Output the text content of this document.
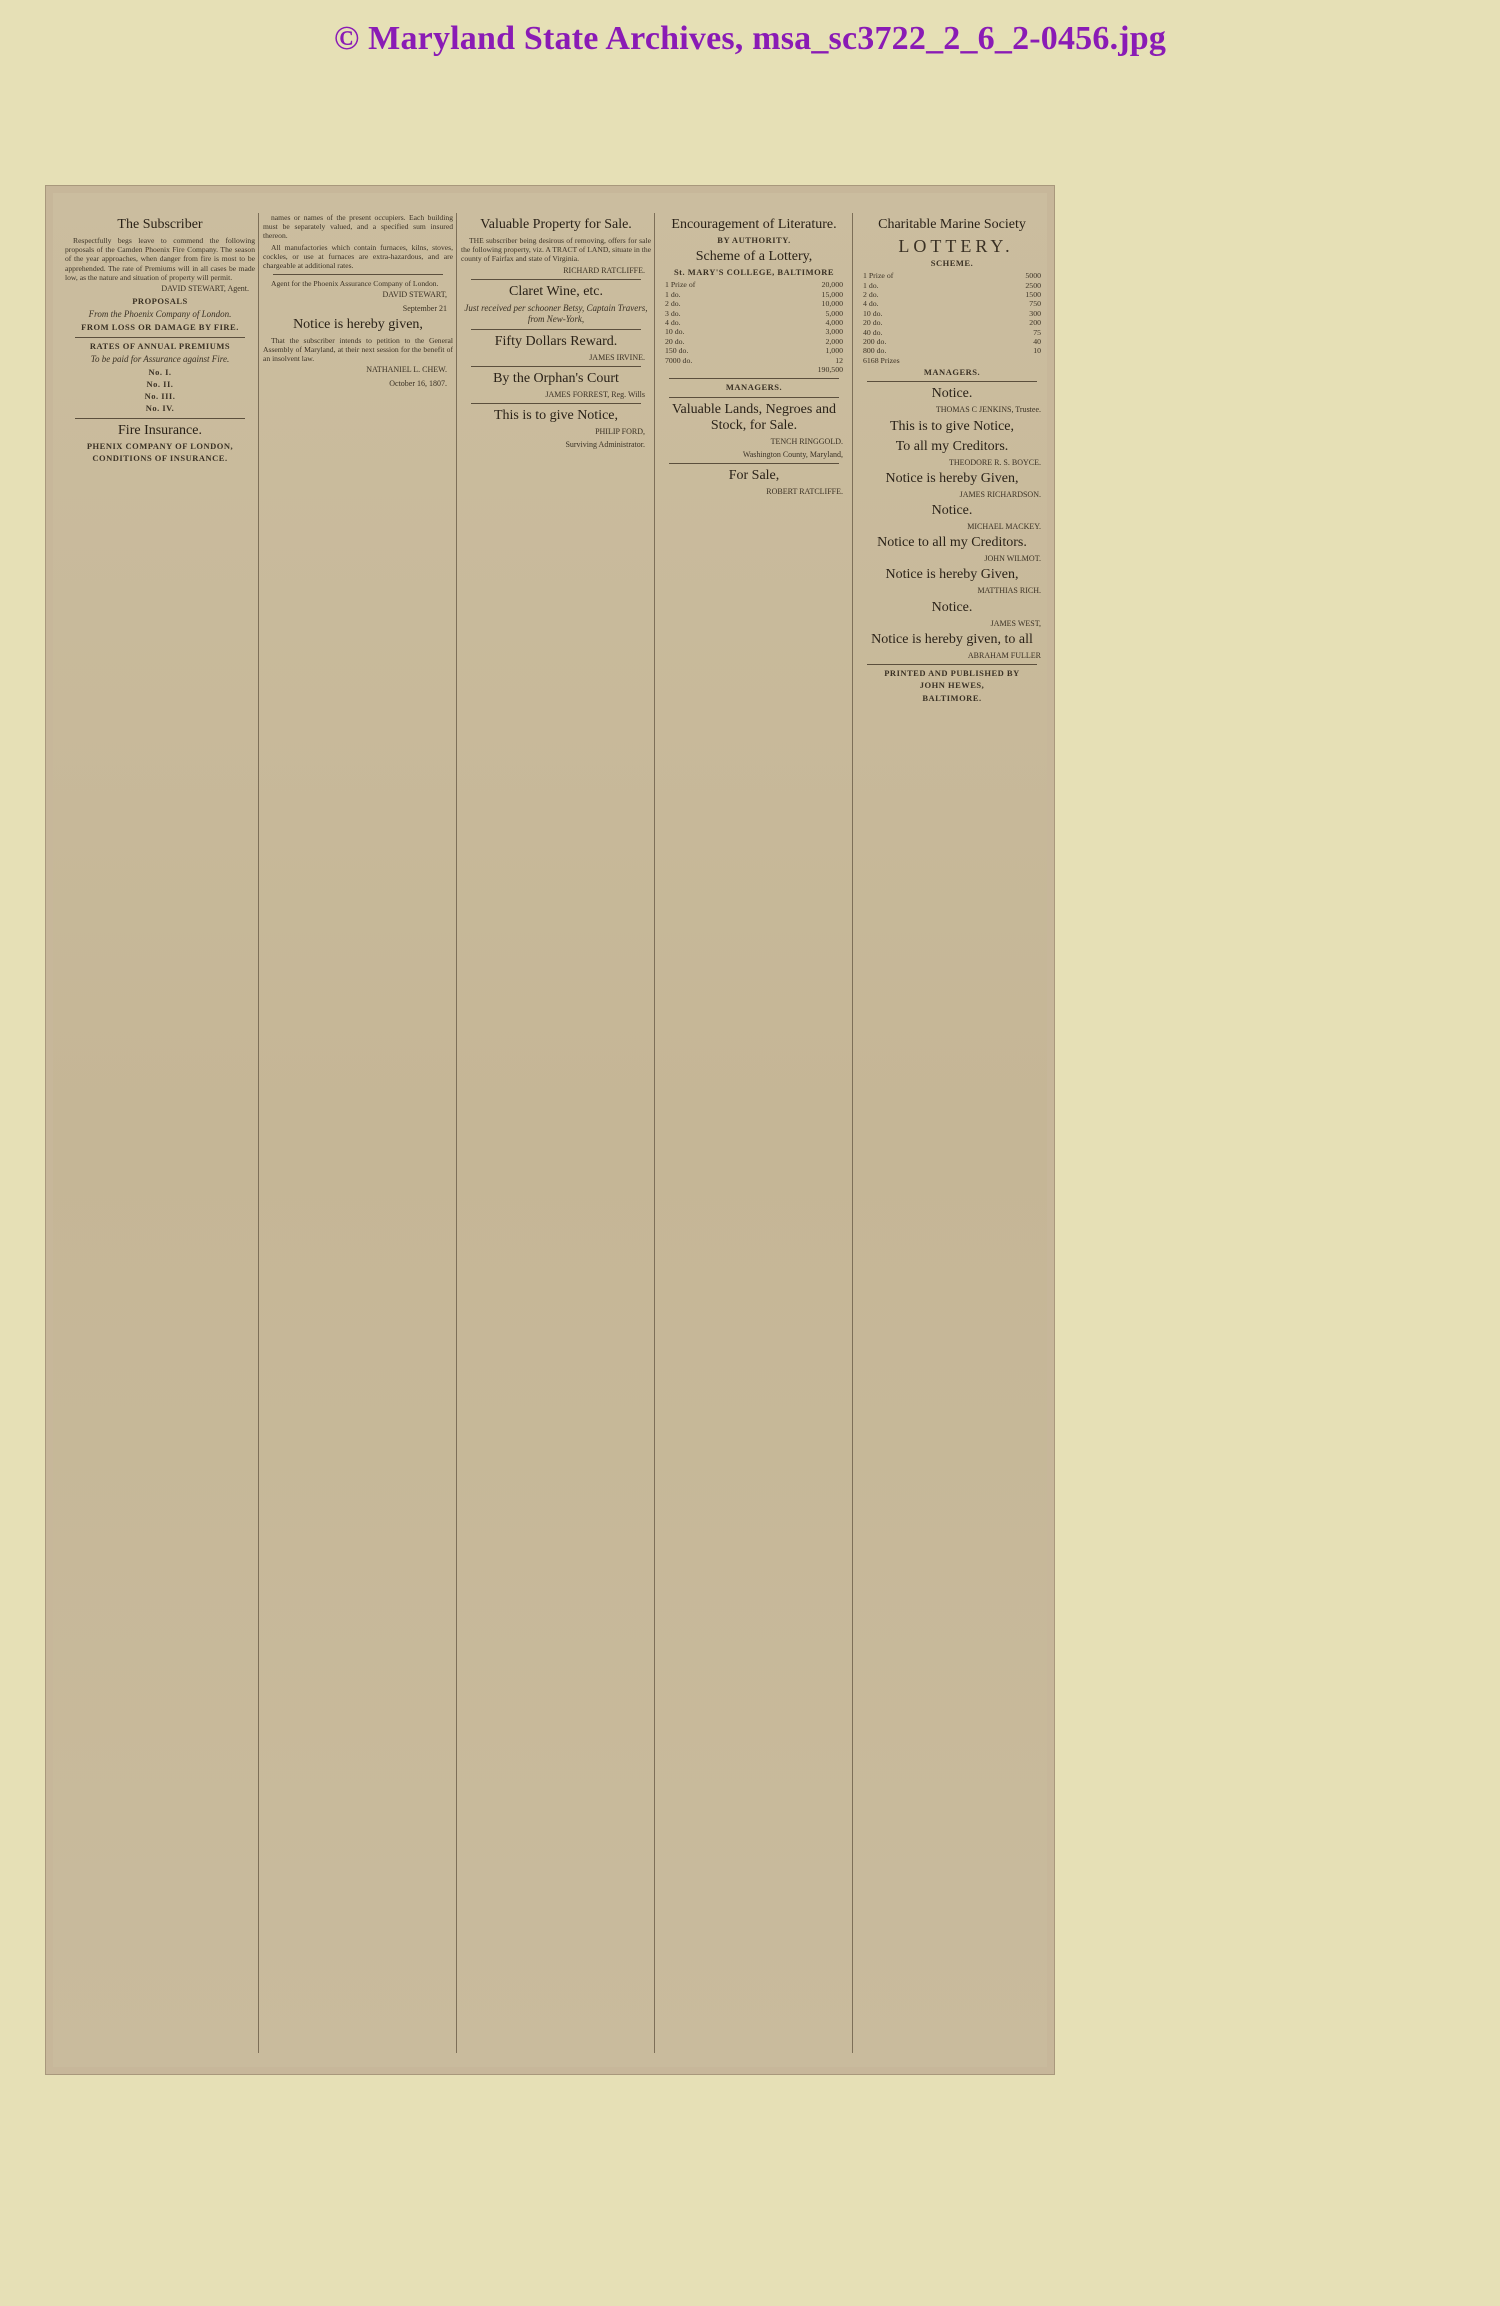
© Maryland State Archives, msa_sc3722_2_6_2-0456.jpg

The Subscriber

Respectfully begs leave to commend the following proposals of the Camden Phoenix Fire Company. The season of the year approaches, when danger from fire is most to be apprehended. The rate of Premiums will in all cases be made low, as the nature and situation of property will permit.

DAVID STEWART, Agent.

PROPOSALS

From the Phoenix Company of London.

FROM LOSS OR DAMAGE BY FIRE.

RATES OF ANNUAL PREMIUMS

To be paid for Assurance against Fire.

No. I.

No. II.

No. III.

No. IV.

Fire Insurance.

PHENIX COMPANY OF LONDON,

CONDITIONS OF INSURANCE.

names or names of the present occupiers. Each building must be separately valued, and a specified sum insured thereon.

All manufactories which contain furnaces, kilns, stoves, cockles, or use at furnaces are extra-hazardous, and are chargeable at additional rates.

Agent for the Phoenix Assurance Company of London.

DAVID STEWART,

September 21

Notice is hereby given,

That the subscriber intends to petition to the General Assembly of Maryland, at their next session for the benefit of an insolvent law.

NATHANIEL L. CHEW.

October 16, 1807.

Valuable Property for Sale.

THE subscriber being desirous of removing, offers for sale the following property, viz. A TRACT of LAND, situate in the county of Fairfax and state of Virginia.

RICHARD RATCLIFFE.

Claret Wine, etc.

Just received per schooner Betsy, Captain Travers, from New-York,

Fifty Dollars Reward.

JAMES IRVINE.

By the Orphan's Court

JAMES FORREST, Reg. Wills

This is to give Notice,

PHILIP FORD,

Surviving Administrator.

Encouragement of Literature.

BY AUTHORITY.

Scheme of a Lottery,

St. MARY'S COLLEGE, BALTIMORE

1 Prize of	20,000
1 do.	15,000
2 do.	10,000
3 do.	5,000
4 do.	4,000
10 do.	3,000
20 do.	2,000
150 do.	1,000
7000 do.	12
190,500

MANAGERS.

Valuable Lands, Negroes and Stock, for Sale.

TENCH RINGGOLD.

Washington County, Maryland,

For Sale,

ROBERT RATCLIFFE.

Charitable Marine Society

LOTTERY.

SCHEME.

1 Prize of	5000
1 do.	2500
2 do.	1500
4 do.	750
10 do.	300
20 do.	200
40 do.	75
200 do.	40
800 do.	10

6168 Prizes

MANAGERS.

Notice.

THOMAS C JENKINS, Trustee.

This is to give Notice,

To all my Creditors.

THEODORE R. S. BOYCE.

Notice is hereby Given,

JAMES RICHARDSON.

Notice.

MICHAEL MACKEY.

Notice to all my Creditors.

JOHN WILMOT.

Notice is hereby Given,

MATTHIAS RICH.

Notice.

JAMES WEST,

Notice is hereby given, to all

ABRAHAM FULLER

PRINTED AND PUBLISHED BY

JOHN HEWES,

BALTIMORE.
